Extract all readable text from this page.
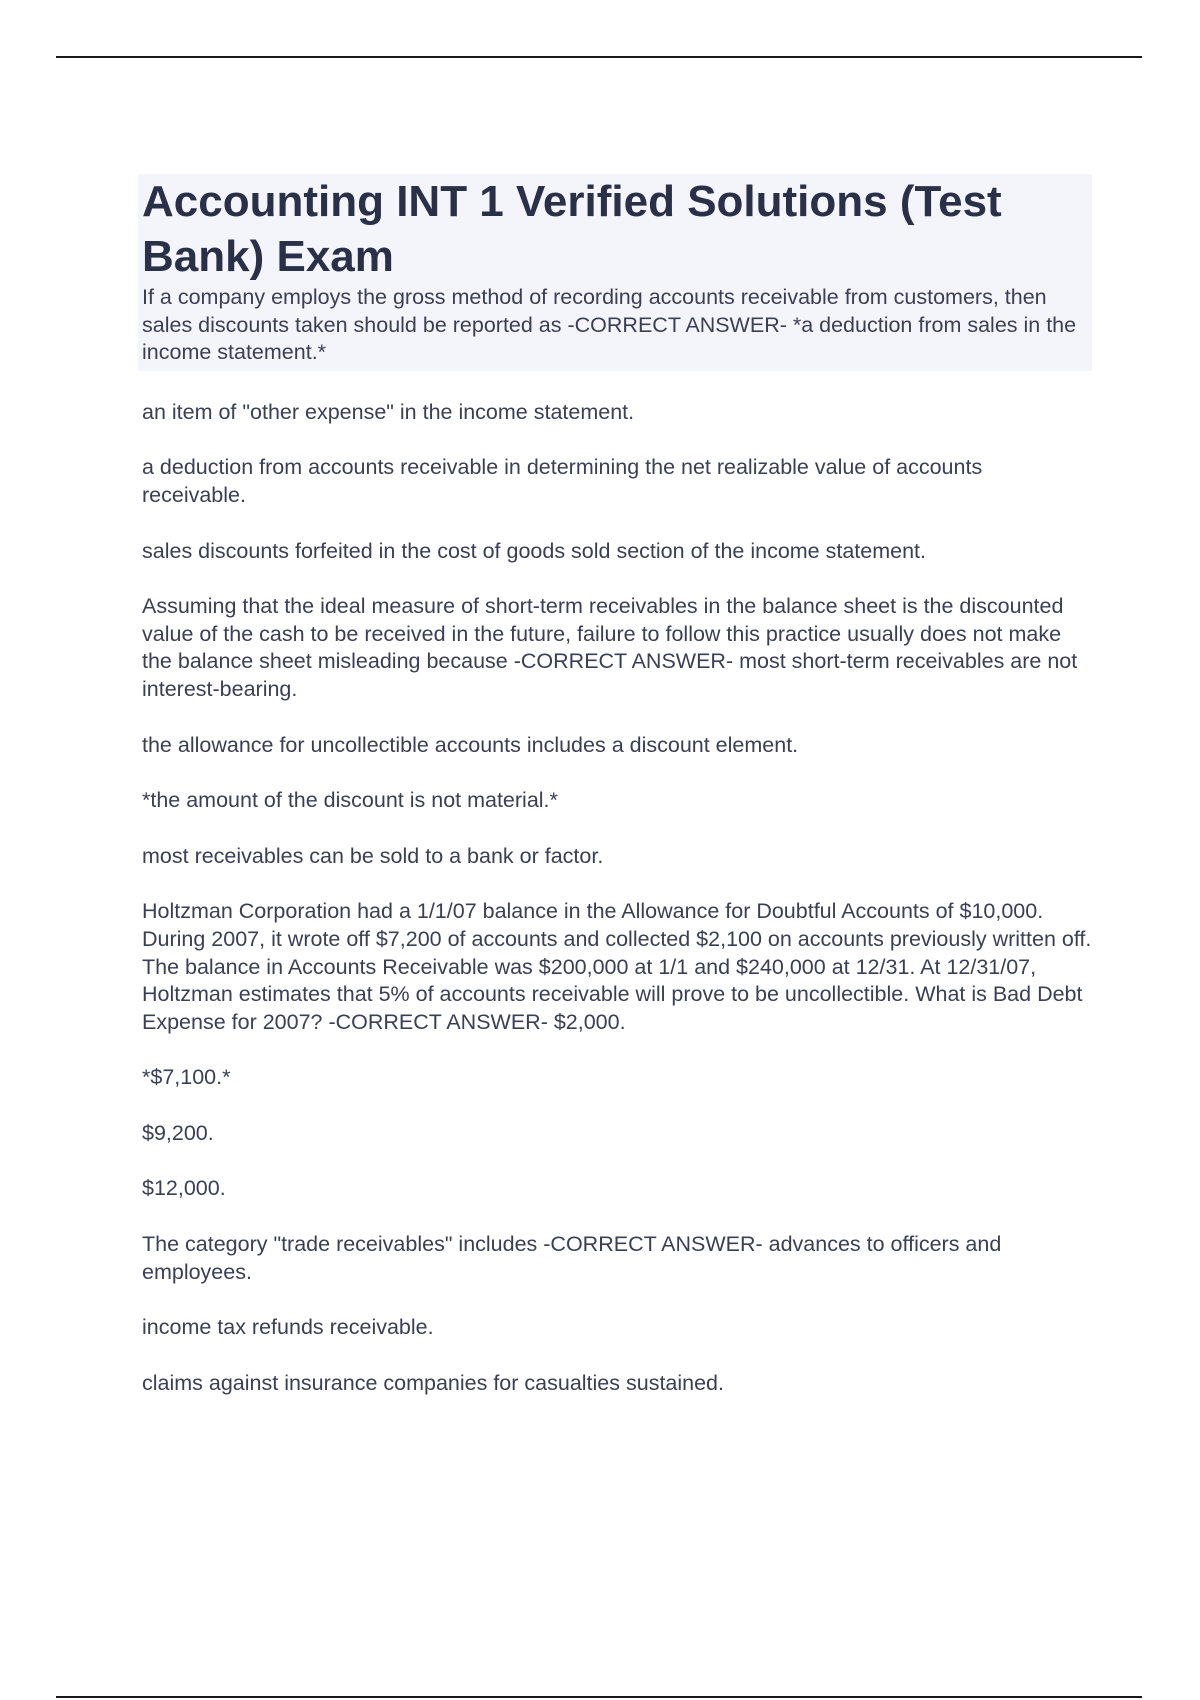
Accounting INT 1 Verified Solutions (Test Bank) Exam

If a company employs the gross method of recording accounts receivable from customers, then sales discounts taken should be reported as -CORRECT ANSWER- *a deduction from sales in the income statement.*

an item of "other expense" in the income statement.

a deduction from accounts receivable in determining the net realizable value of accounts receivable.

sales discounts forfeited in the cost of goods sold section of the income statement.

Assuming that the ideal measure of short-term receivables in the balance sheet is the discounted value of the cash to be received in the future, failure to follow this practice usually does not make the balance sheet misleading because -CORRECT ANSWER- most short-term receivables are not interest-bearing.

the allowance for uncollectible accounts includes a discount element.

*the amount of the discount is not material.*

most receivables can be sold to a bank or factor.

Holtzman Corporation had a 1/1/07 balance in the Allowance for Doubtful Accounts of $10,000. During 2007, it wrote off $7,200 of accounts and collected $2,100 on accounts previously written off. The balance in Accounts Receivable was $200,000 at 1/1 and $240,000 at 12/31. At 12/31/07, Holtzman estimates that 5% of accounts receivable will prove to be uncollectible. What is Bad Debt Expense for 2007? -CORRECT ANSWER- $2,000.

*$7,100.*

$9,200.

$12,000.

The category "trade receivables" includes -CORRECT ANSWER- advances to officers and employees.

income tax refunds receivable.

claims against insurance companies for casualties sustained.
